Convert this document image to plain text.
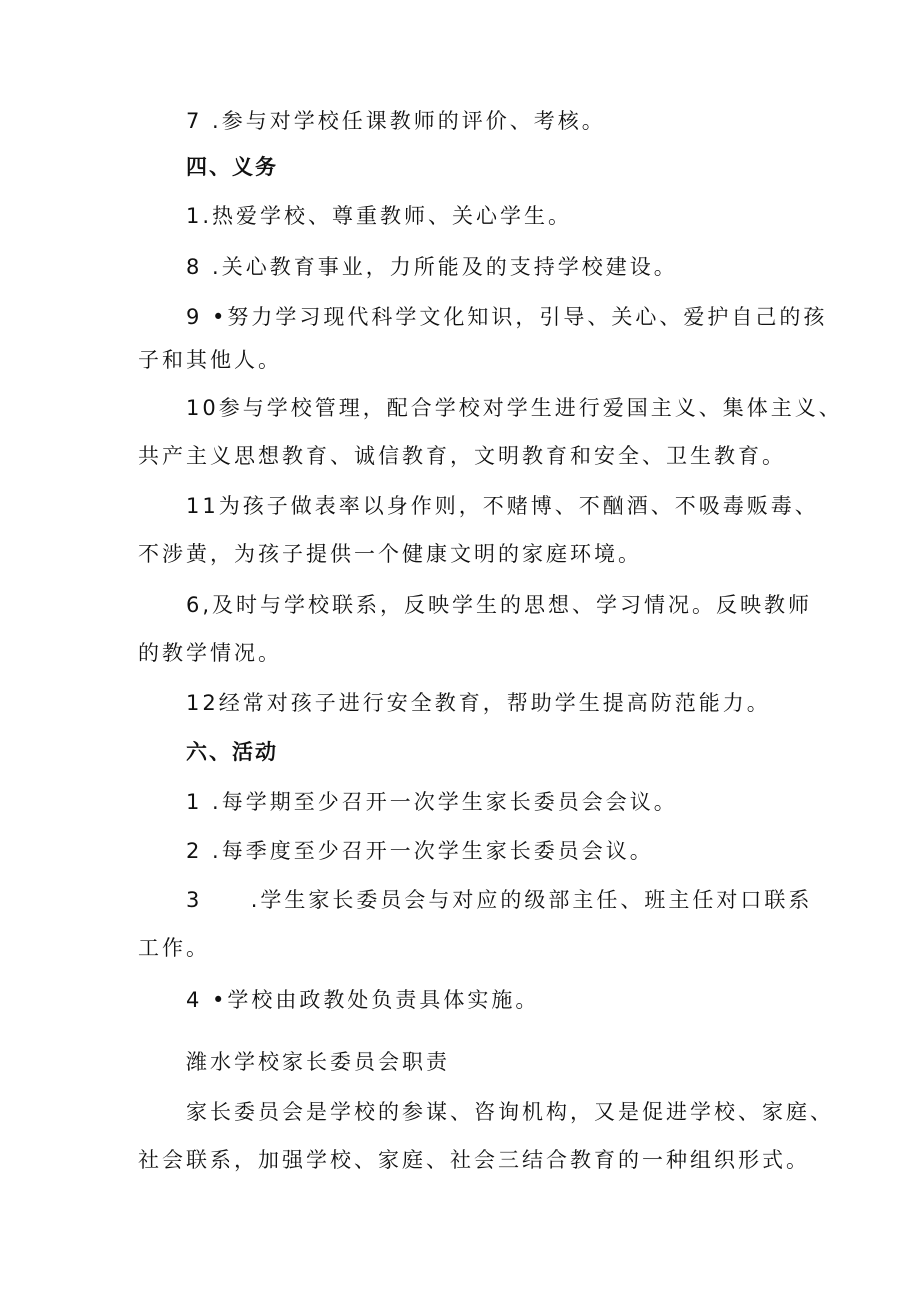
7 .参与对学校任课教师的评价、考核。

四、义务

1.热爱学校、尊重教师、关心学生。

8 .关心教育事业，力所能及的支持学校建设。

9 •努力学习现代科学文化知识，引导、关心、爱护自己的孩

子和其他人。

10参与学校管理，配合学校对学生进行爱国主义、集体主义、

共产主义思想教育、诚信教育，文明教育和安全、卫生教育。

11为孩子做表率以身作则，不赌博、不酗酒、不吸毒贩毒、

不涉黄，为孩子提供一个健康文明的家庭环境。

6,及时与学校联系，反映学生的思想、学习情况。反映教师

的教学情况。

12经常对孩子进行安全教育，帮助学生提高防范能力。

六、活动

1 .每学期至少召开一次学生家长委员会会议。

2 .每季度至少召开一次学生家长委员会议。

3     .学生家长委员会与对应的级部主任、班主任对口联系

工作。

4 •学校由政教处负责具体实施。

潍水学校家长委员会职责

家长委员会是学校的参谋、咨询机构，又是促进学校、家庭、

社会联系，加强学校、家庭、社会三结合教育的一种组织形式。
